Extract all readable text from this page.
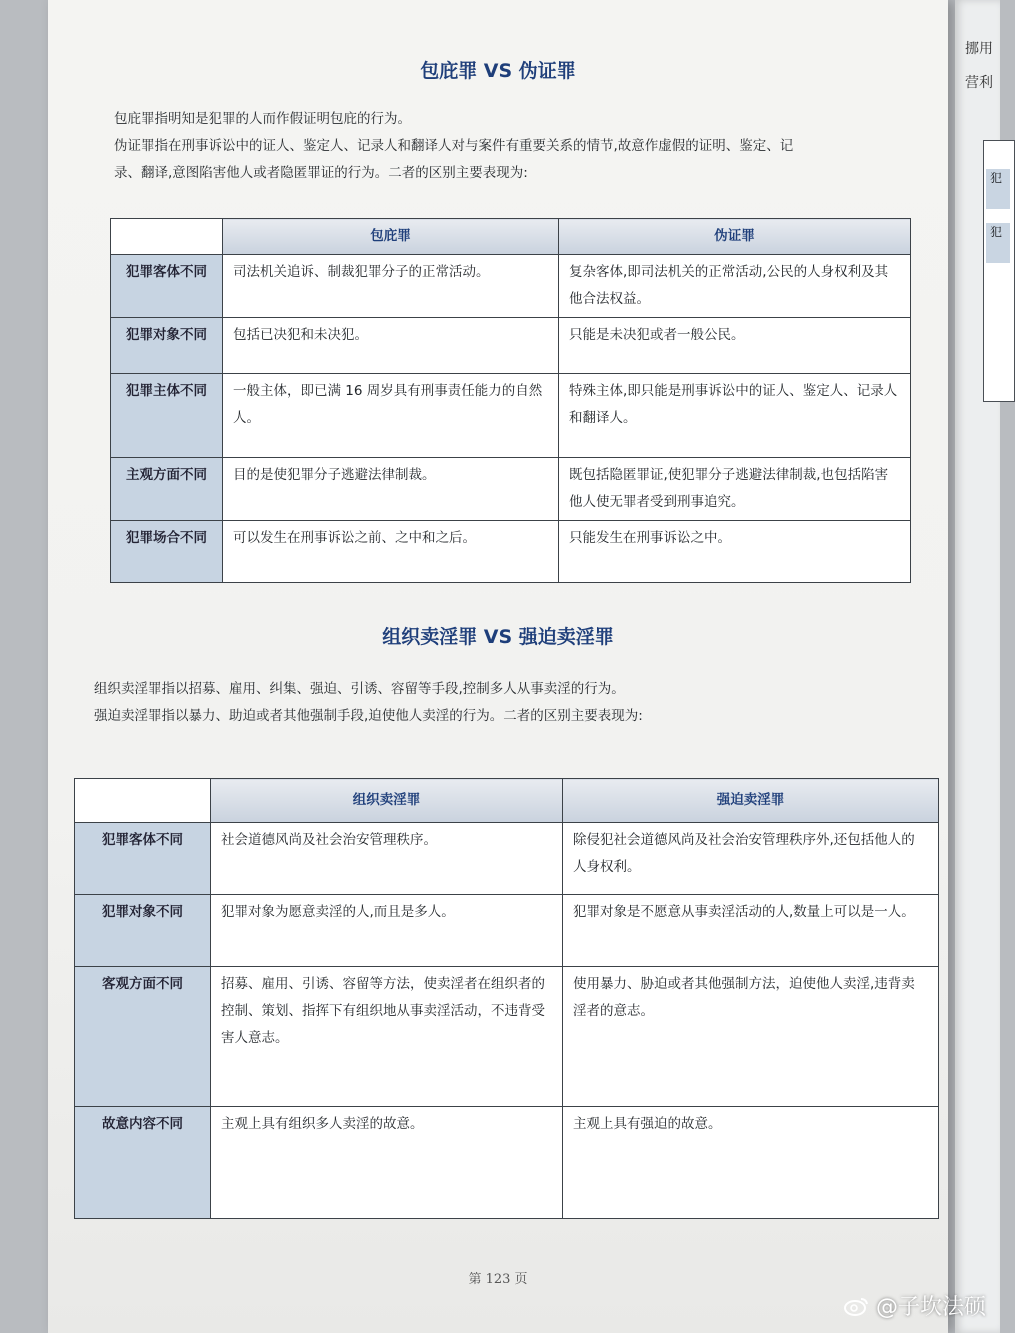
包庇罪 VS 伪证罪

包庇罪指明知是犯罪的人而作假证明包庇的行为。

伪证罪指在刑事诉讼中的证人、鉴定人、记录人和翻译人对与案件有重要关系的情节,故意作虚假的证明、鉴定、记

录、翻译,意图陷害他人或者隐匿罪证的行为。二者的区别主要表现为:

	包庇罪	伪证罪
犯罪客体不同	司法机关追诉、制裁犯罪分子的正常活动。	复杂客体,即司法机关的正常活动,公民的人身权利及其他合法权益。
犯罪对象不同	包括已决犯和未决犯。	只能是未决犯或者一般公民。
犯罪主体不同	一般主体，即已满 16 周岁具有刑事责任能力的自然人。	特殊主体,即只能是刑事诉讼中的证人、鉴定人、记录人和翻译人。
主观方面不同	目的是使犯罪分子逃避法律制裁。	既包括隐匿罪证,使犯罪分子逃避法律制裁,也包括陷害他人使无罪者受到刑事追究。
犯罪场合不同	可以发生在刑事诉讼之前、之中和之后。	只能发生在刑事诉讼之中。
组织卖淫罪 VS 强迫卖淫罪

组织卖淫罪指以招募、雇用、纠集、强迫、引诱、容留等手段,控制多人从事卖淫的行为。

强迫卖淫罪指以暴力、助迫或者其他强制手段,迫使他人卖淫的行为。二者的区别主要表现为:

	组织卖淫罪	强迫卖淫罪
犯罪客体不同	社会道德风尚及社会治安管理秩序。	除侵犯社会道德风尚及社会治安管理秩序外,还包括他人的人身权利。
犯罪对象不同	犯罪对象为愿意卖淫的人,而且是多人。	犯罪对象是不愿意从事卖淫活动的人,数量上可以是一人。
客观方面不同	招募、雇用、引诱、容留等方法，使卖淫者在组织者的控制、策划、指挥下有组织地从事卖淫活动，不违背受害人意志。	使用暴力、胁迫或者其他强制方法，迫使他人卖淫,违背卖淫者的意志。
故意内容不同	主观上具有组织多人卖淫的故意。	主观上具有强迫的故意。
第 123 页
挪用
营利
犯
犯
@子坎法硕
